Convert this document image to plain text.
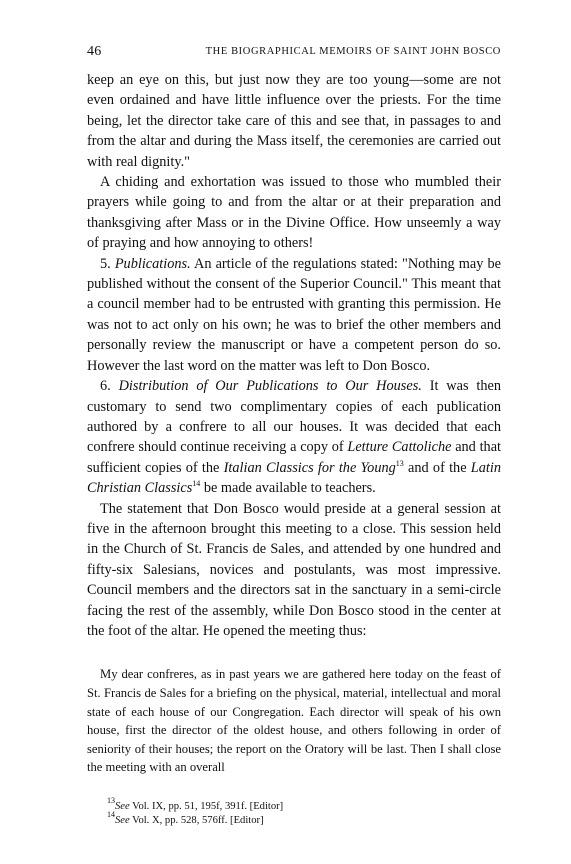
46	THE BIOGRAPHICAL MEMOIRS OF SAINT JOHN BOSCO

keep an eye on this, but just now they are too young—some are not even ordained and have little influence over the priests. For the time being, let the director take care of this and see that, in passages to and from the altar and during the Mass itself, the ceremonies are carried out with real dignity."

A chiding and exhortation was issued to those who mumbled their prayers while going to and from the altar or at their preparation and thanksgiving after Mass or in the Divine Office. How unseemly a way of praying and how annoying to others!

5. Publications. An article of the regulations stated: "Nothing may be published without the consent of the Superior Council." This meant that a council member had to be entrusted with granting this permission. He was not to act only on his own; he was to brief the other members and personally review the manuscript or have a competent person do so. However the last word on the matter was left to Don Bosco.

6. Distribution of Our Publications to Our Houses. It was then customary to send two complimentary copies of each publication authored by a confrere to all our houses. It was decided that each confrere should continue receiving a copy of Letture Cattoliche and that sufficient copies of the Italian Classics for the Young$^{13}$ and of the Latin Christian Classics$^{14}$ be made available to teachers.

The statement that Don Bosco would preside at a general session at five in the afternoon brought this meeting to a close. This session held in the Church of St. Francis de Sales, and attended by one hundred and fifty-six Salesians, novices and postulants, was most impressive. Council members and the directors sat in the sanctuary in a semi-circle facing the rest of the assembly, while Don Bosco stood in the center at the foot of the altar. He opened the meeting thus:

My dear confreres, as in past years we are gathered here today on the feast of St. Francis de Sales for a briefing on the physical, material, intellectual and moral state of each house of our Congregation. Each director will speak of his own house, first the director of the oldest house, and others following in order of seniority of their houses; the report on the Oratory will be last. Then I shall close the meeting with an overall

$^{13}$See Vol. IX, pp. 51, 195f, 391f. [Editor]
$^{14}$See Vol. X, pp. 528, 576ff. [Editor]
